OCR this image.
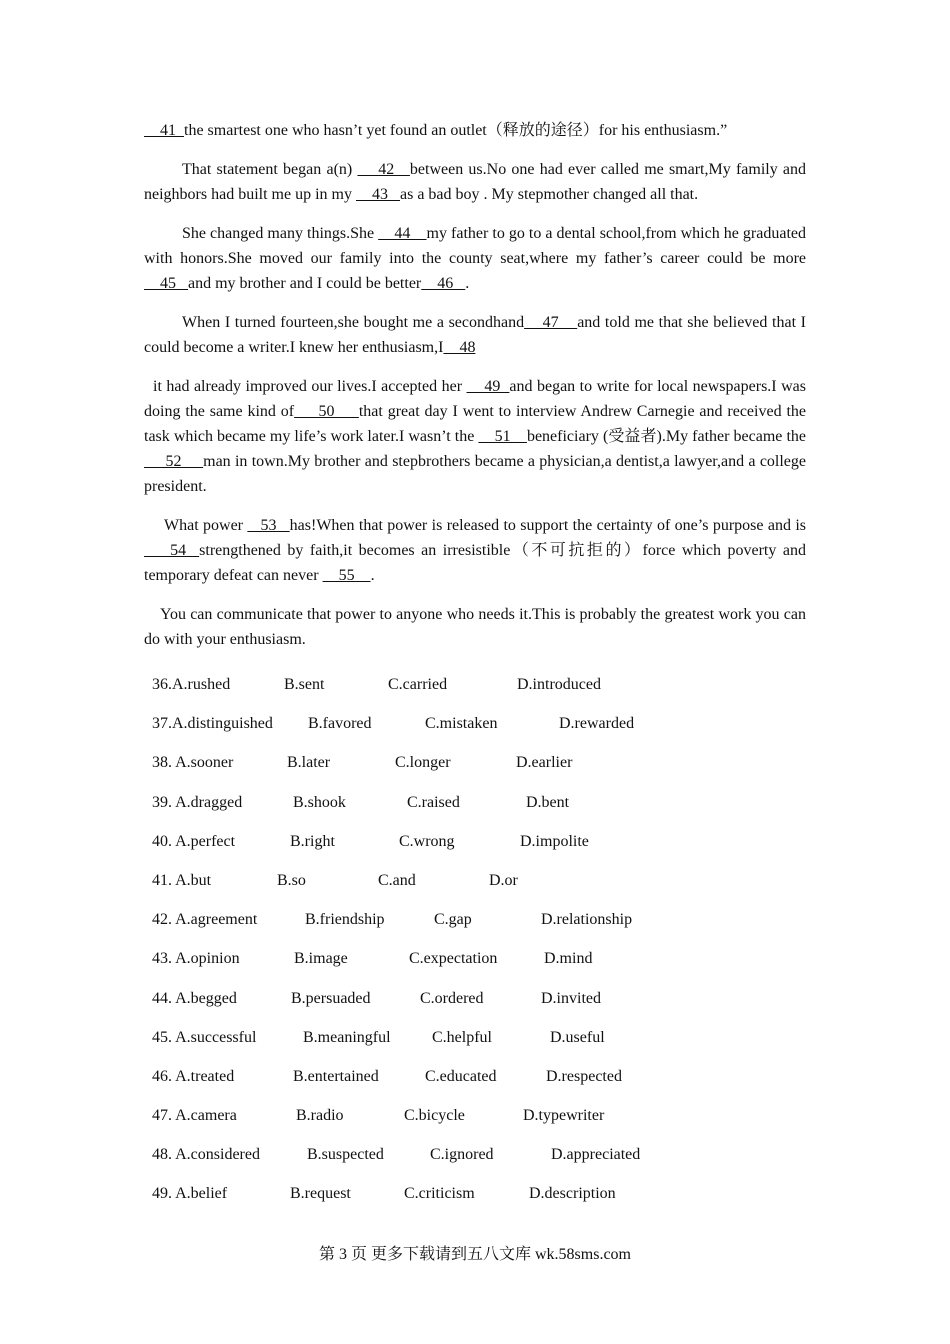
41  the smartest one who hasn’t yet found an outlet（释放的途径）for his enthusiasm.”

That statement began a(n)     42   between us.No one had ever called me smart,My family and neighbors had built me up in my     43   as a bad boy . My stepmother changed all that.

She changed many things.She     44    my father to go to a dental school,from which he graduated with honors.She moved our family into the county seat,where my father’s career could be more     45   and my brother and I could be better    46   .

When I turned fourteen,she bought me a secondhand    47    and told me that she believed that I could become a writer.I knew her enthusiasm,I    48

it had already improved our lives.I accepted her     49  and began to write for local newspapers.I was doing the same kind of     50     that great day I went to interview Andrew Carnegie and received the task which became my life’s work later.I wasn’t the     51    beneficiary (受益者).My father became the      52     man in town.My brother and stepbrothers became a physician,a dentist,a lawyer,and a college president.

What power    53   has!When that power is released to support the certainty of one’s purpose and is     54  strengthened by faith,it becomes an irresistible（不可抗拒的）force which poverty and temporary defeat can never     55    .

You can communicate that power to anyone who needs it.This is probably the greatest work you can do with your enthusiasm.

36.A.rushed	B.sent	C.carried	D.introduced
37.A.distinguished	B.favored	C.mistaken	D.rewarded
38. A.sooner	B.later	C.longer	D.earlier
39. A.dragged	B.shook	C.raised	D.bent
40. A.perfect	B.right	C.wrong	D.impolite
41. A.but	B.so	C.and	D.or
42. A.agreement	B.friendship	C.gap	D.relationship
43. A.opinion	B.image	C.expectation	D.mind
44. A.begged	B.persuaded	C.ordered	D.invited
45. A.successful	B.meaningful	C.helpful	D.useful
46. A.treated	B.entertained	C.educated	D.respected
47. A.camera	B.radio	C.bicycle	D.typewriter
48. A.considered	B.suspected	C.ignored	D.appreciated
49. A.belief	B.request	C.criticism	D.description
第 3 页 更多下载请到五八文库 wk.58sms.com
